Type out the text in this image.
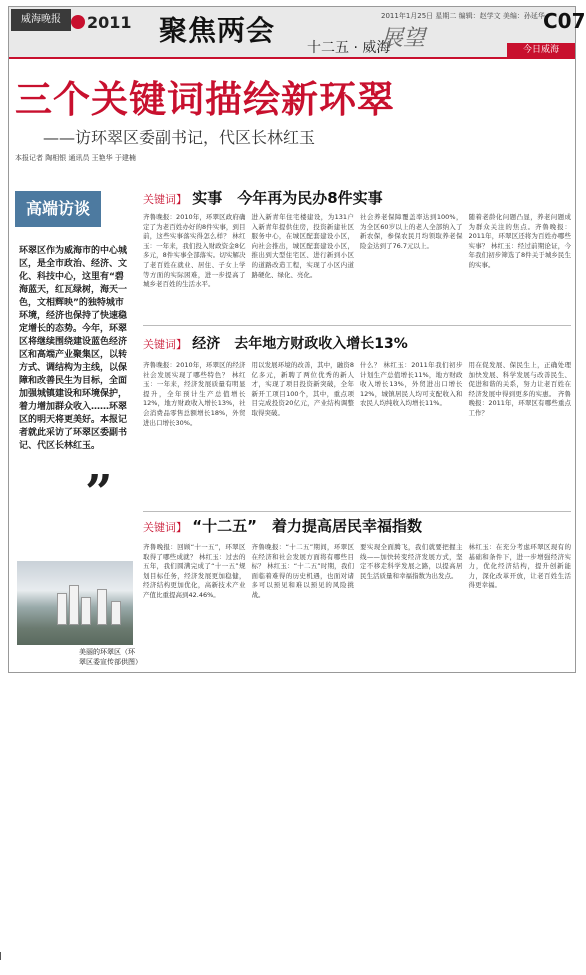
威海晚报	2011 聚焦两会	2011年1月25日 星期二 编辑：赵学文 美编：孙延华
展望
十二五 · 威海
C07
今日威海
三个关键词描绘新环翠
——访环翠区委副书记，代区长林红玉
本报记者 陶相银 通讯员 王艳华 于建楠
高端访谈
环翠区作为威海市的中心城区，是全市政治、经济、文化、科技中心，这里有“碧海蓝天，红瓦绿树，海天一色，文相辉映”的独特城市环境，经济也保持了快速稳定增长的态势。今年，环翠区将继续围绕建设蓝色经济区和高端产业聚集区，以转方式、调结构为主线，以保障和改善民生为目标，全面加强城镇建设和环境保护，着力增加群众收入……环翠区的明天将更美好。本报记者就此采访了环翠区委副书记、代区长林红玉。
”
美丽的环翠区（环翠区委宣传部供图）
关键词】 实事　今年再为民办8件实事
齐鲁晚报：2010年，环翠区政府确定了为老百姓办好的8件实事，到目前，这些实事落实得怎么样？ 林红玉：一年来，我们投入财政资金8亿多元，8件实事全部落实。切实解决了老百姓在就业、居住、子女上学等方面的实际困难，进一步提高了城乡老百姓的生活水平。
进入新青年住宅楼建设，为131户入新青年提供住房，投资新建社区服务中心，在城区配套建设小区，向社会推出，城区配套建设小区，推出到大型住宅区、进行新到小区的道路改造工程，实现了小区内道路硬化、绿化、亮化。
社会养老保障覆盖率达到100%，为全区60岁以上的老人全部纳入了新农保，参保农民月均领取养老保险金达到了76.7元以上。
随着老龄化问题凸显，养老问题成为群众关注的焦点。齐鲁晚报：2011年，环翠区还将为百姓办哪些实事？ 林红玉：经过前期论证，今年我们初步筛选了8件关于城乡民生的实事。
关键词】 经济　去年地方财政收入增长13%
齐鲁晚报：2010年，环翠区的经济社会发展实现了哪些特色？ 林红玉：一年来，经济发展质量有明显提升，全年预计生产总值增长12%，地方财政收入增长13%，社会消费品零售总额增长18%，外贸进出口增长30%。
用以发展环境的改善，其中，融资8亿多元，新聘了两位优秀的新人才，实现了项目投资新突破，全年新开工项目100个，其中，重点项目完成投资20亿元，产业结构调整取得突破。
什么？ 林红玉：2011年我们初步计划生产总值增长11%，地方财政收入增长13%，外贸进出口增长12%，城镇居民人均可支配收入和农民人均纯收入均增长11%。
用在促发展、保民生上，正确处理加快发展、科学发展与改善民生、促进和谐的关系，努力让老百姓在经济发展中得到更多的实惠。 齐鲁晚报：2011年，环翠区有哪些重点工作？
关键词】 “十二五”　着力提高居民幸福指数
齐鲁晚报：回顾“十一五”，环翠区取得了哪些成就？ 林红玉：过去的五年，我们圆满完成了“十一五”规划目标任务，经济发展更加稳健，经济结构更加优化，高新技术产业产值比重提高到42.46%。
齐鲁晚报：“十二五”期间，环翠区在经济和社会发展方面将有哪些目标？ 林红玉：“十二五”时期，我们面临着难得的历史机遇，也面对诸多可以预见和难以预见的风险挑战。
要实现全面腾飞，我们就要把握主线——加快转变经济发展方式，坚定不移走科学发展之路，以提高居民生活质量和幸福指数为出发点。
林红玉：在充分考虑环翠区现有的基础和条件下，进一步增强经济实力，优化经济结构，提升创新能力，深化改革开放，让老百姓生活得更幸福。
